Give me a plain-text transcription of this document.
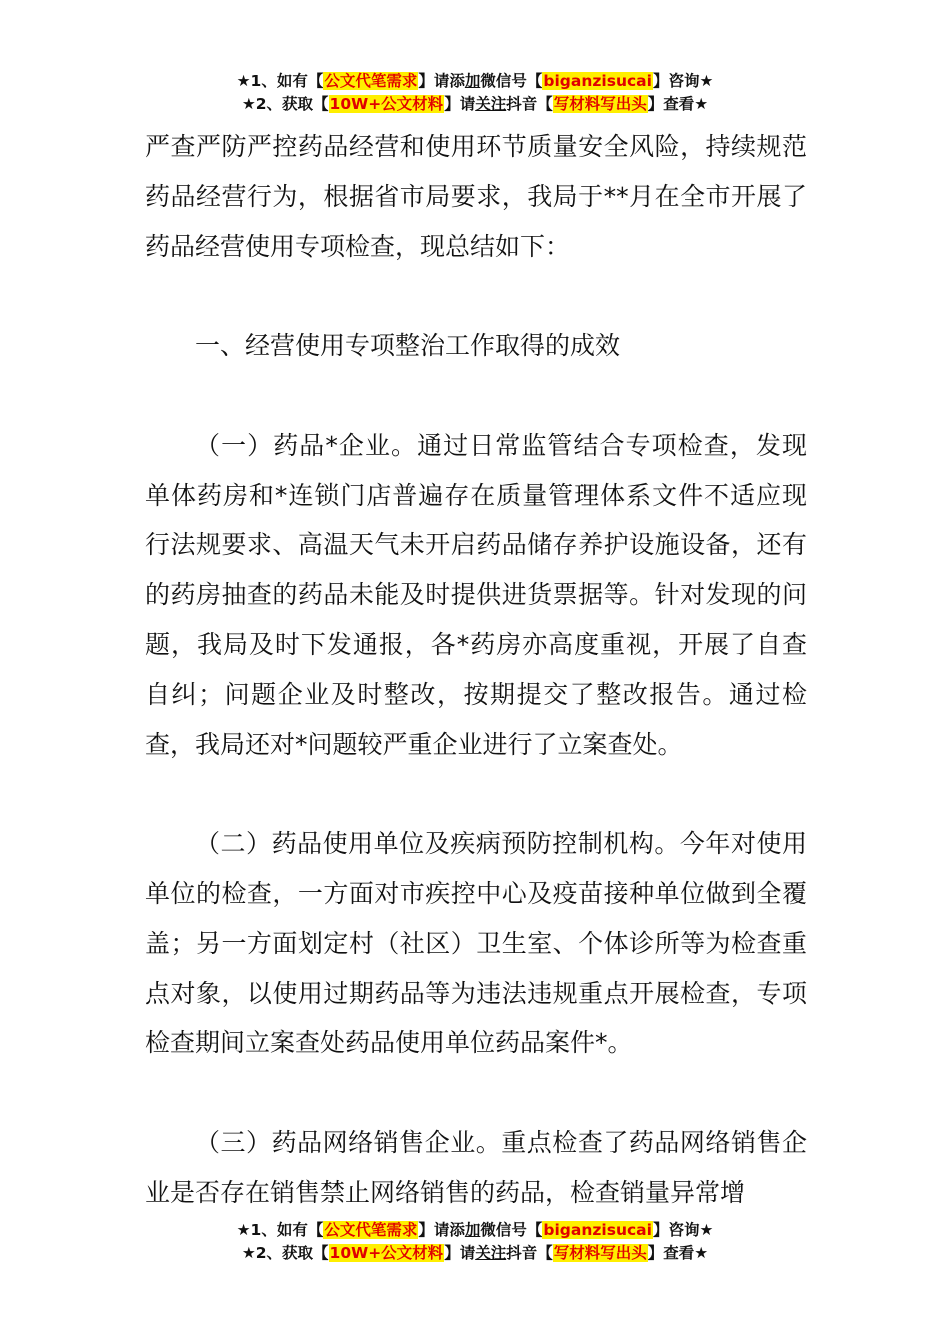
★1、如有【公文代笔需求】请添加微信号【biganzisucai】咨询★
★2、获取【10W+公文材料】请关注抖音【写材料写出头】查看★

严查严防严控药品经营和使用环节质量安全风险，持续规范药品经营行为，根据省市局要求，我局于**月在全市开展了药品经营使用专项检查，现总结如下：

一、经营使用专项整治工作取得的成效

（一）药品*企业。通过日常监管结合专项检查，发现单体药房和*连锁门店普遍存在质量管理体系文件不适应现行法规要求、高温天气未开启药品储存养护设施设备，还有的药房抽查的药品未能及时提供进货票据等。针对发现的问题，我局及时下发通报，各*药房亦高度重视，开展了自查自纠；问题企业及时整改，按期提交了整改报告。通过检查，我局还对*问题较严重企业进行了立案查处。

（二）药品使用单位及疾病预防控制机构。今年对使用单位的检查，一方面对市疾控中心及疫苗接种单位做到全覆盖；另一方面划定村（社区）卫生室、个体诊所等为检查重点对象，以使用过期药品等为违法违规重点开展检查，专项检查期间立案查处药品使用单位药品案件*。

（三）药品网络销售企业。重点检查了药品网络销售企业是否存在销售禁止网络销售的药品，检查销量异常增

★1、如有【公文代笔需求】请添加微信号【biganzisucai】咨询★
★2、获取【10W+公文材料】请关注抖音【写材料写出头】查看★
